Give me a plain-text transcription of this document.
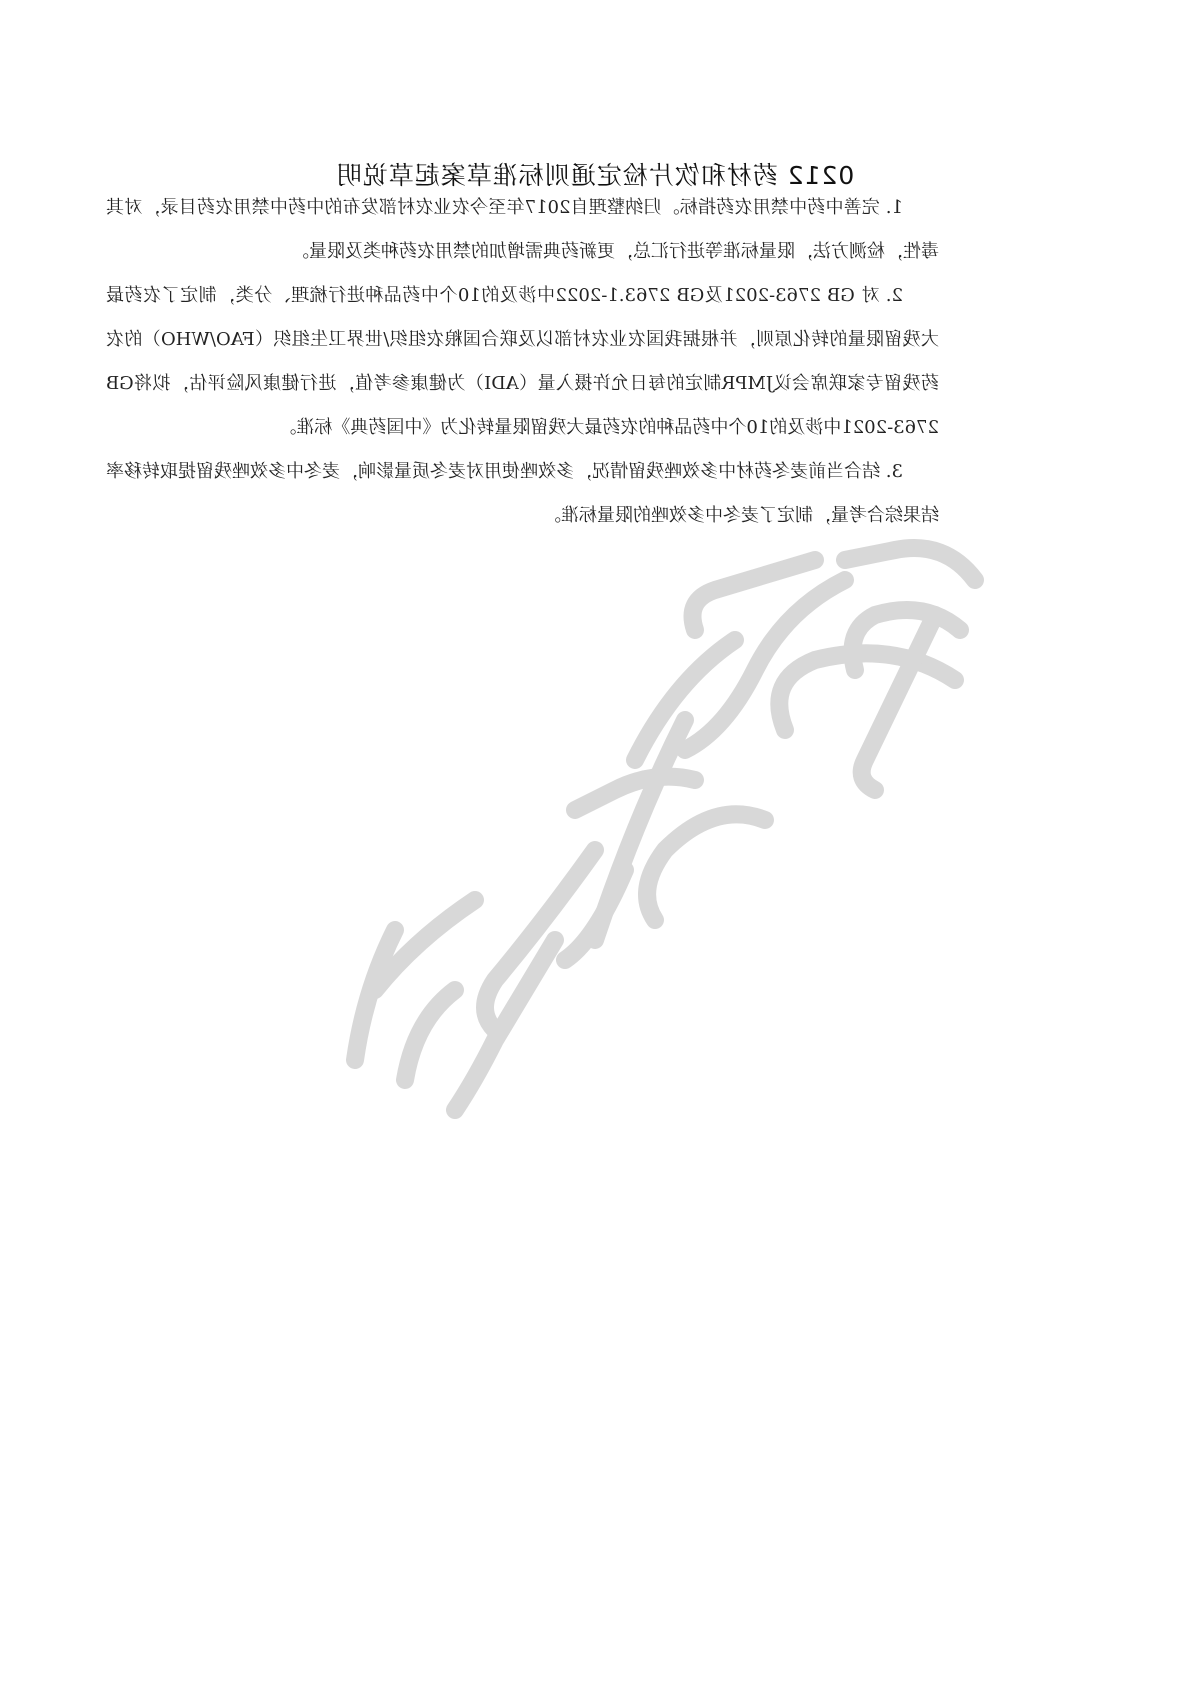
0212 药材和饮片检定通则标准草案起草说明

1. 完善中药中禁用农药指标。归纳整理自2017年至今农业农村部发布的中药中禁用农药目录，对其毒性，检测方法，限量标准等进行汇总，更新药典需增加的禁用农药种类及限量。

2. 对 GB 2763-2021及GB 2763.1-2022中涉及的10个中药品种进行梳理、分类，制定了农药最大残留限量的转化原则，并根据我国农业农村部以及联合国粮农组织/世界卫生组织（FAO/WHO）的农药残留专家联席会议JMPR制定的每日允许摄入量（ADI）为健康参考值，进行健康风险评估，拟将GB 2763-2021中涉及的10个中药品种的农药最大残留限量转化为《中国药典》标准。

3. 结合当前麦冬药材中多效唑残留情况，多效唑使用对麦冬质量影响，麦冬中多效唑残留提取转移率结果综合考量，制定了麦冬中多效唑的限量标准。
